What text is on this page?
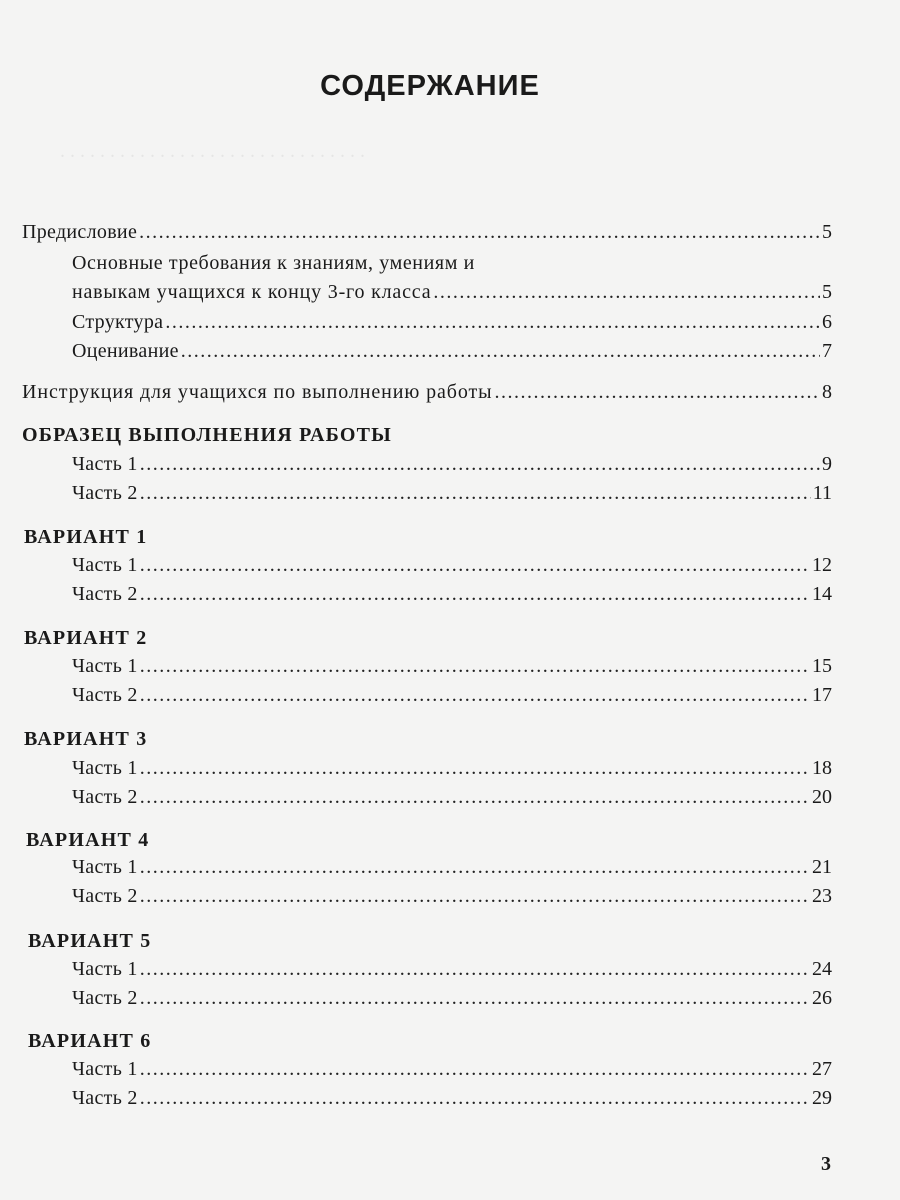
. . . . . . . . . . . . . . . . . . . . . . . . . . . . . . .
СОДЕРЖАНИЕ
Предисловие .....	5
Основные требования к знаниям, умениям и
навыкам учащихся к концу 3-го класса .....	5
Структура .....	6
Оценивание .....	7
Инструкция для учащихся по выполнению работы .....	8
ОБРАЗЕЦ ВЫПОЛНЕНИЯ РАБОТЫ
Часть 1 .....	9
Часть 2 .....	11
ВАРИАНТ 1
Часть 1 .....	12
Часть 2 .....	14
ВАРИАНТ 2
Часть 1 .....	15
Часть 2 .....	17
ВАРИАНТ 3
Часть 1 .....	18
Часть 2 .....	20
ВАРИАНТ 4
Часть 1 .....	21
Часть 2 .....	23
ВАРИАНТ 5
Часть 1 .....	24
Часть 2 .....	26
ВАРИАНТ 6
Часть 1 .....	27
Часть 2 .....	29
3
